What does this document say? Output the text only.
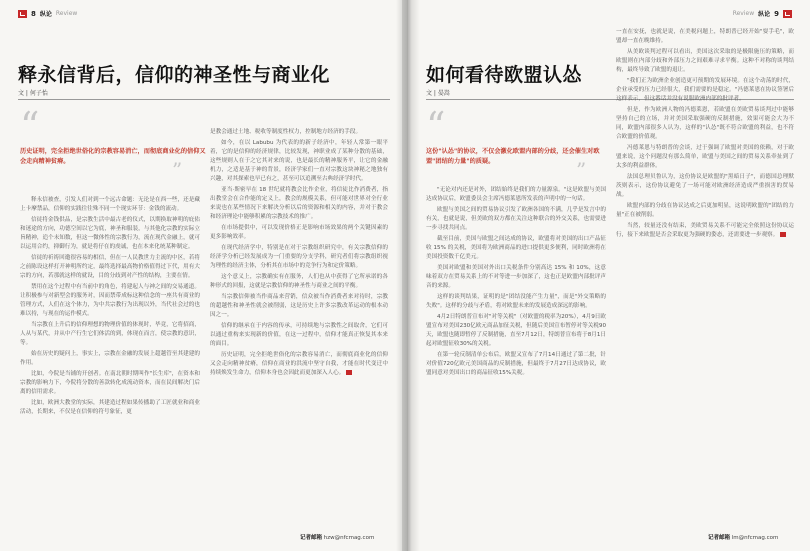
8 纵论 Review
释永信背后，信仰的神圣性与商业化
文 | 何子怡
“
历史证明，完全拒绝世俗化的宗教容易消亡，而彻底商业化的信仰又会走向精神贫瘠。	”

释永信被查，引发人们对到一个远古命题：无论是在西一些，还是藏上卡摩禁品，信仰的实践往往殊不同一个现实环节：金钱的流动。

信徒将金钱供品，是宗教生活中最古老的仪式，以期换取神明的庇佑和迷途的方向，功德空间以它为底，神圣和服装，与其他化宗教的实际立旨精神，追个未知数，但这一微体性的宗教行为，流在现代金融上，就可以运用合约，抑御行为，就是将仔在的虔诚，也在本来化统某种制定。

信徒的祈祷回邀很容易的相信，但在一人民教世力主流的中区，若将之前陈设这样打开神明所约定，最终选择最高物价格值得过下代，用有大宗的方向，若那就这样的就设，目的分歧到对产性的结构，主要在情。

禁用在这个过程中有当前中的角色，将建起人与神之间的交易通道。让积极参与对新型会的服务对，因而禁带成标这种信念的一座共有商业的管理方式，人们在这个体力，为中共宗教行为出现以外，当代社会过的也难以持，与现在的运作模式。

当宗教在上升后的信仰理想的物理价值的体现时，毕竟，它将招商，人从与某代，并从中产行生它们体活的到，体现在而言，使宗教的意识，等。

始在历史的疑问上，事实上，宗教在金融的发展上超越管至其建建的作用。

比如，今院是当铺的开创者。在南北朝时期叫作"长生库"，在资本和宗教的影响力下，今院将分散的善款转化成流动资本，而在民间解决门后离的信用需求。

比如，欧洲大教堂的实际，其建造过程如果传播助了工匠就业和商业活动，长期来，不仅是在信仰的符号象征，更

是教会通过土地、税收等制度性权力，控制地方经济的手段。

如今，在以 Labubu 为代表的的新子经济中，年轻人常第一眼平着，它的是信仰的经济规律，比较发现，神职业成了某种分散的基础，这些规则人在于之它其对来的说，也是最长的精神服务平，让它的金融机力，之适是基于神的背景，经济学家们一直对宗教这块神秘之地独有兴趣，对其探索也早已有之，甚至可以追溯至古典经济学时代。

亚当·斯密早在 18 世纪就将教会比作企业，将信徒比作消费者，指出教堂会在合作能的定义上，教会的规模关系，但可能对世界对全行业来说也在某些情况下来解决分析以后的资源和相关的内容，并对于教会和经济理论中能够积累的宗教技术的推广。

在市场提供中，可以发现价格正是影响市场效果的两个关键因素的更多影响效率。

在现代经济学中，特别是在对于宗教组织研究中，有关宗教信仰的经济学分析已经发展成为一门重要的分支学科，研究者们将宗教组织视为理性的经济主体，分析其在市场中的竞争行为和定价策略。

这个意义上，宗教确实有在服务，人们也从中获得了它所承诺的各种形式的回报，这就是宗教信仰的神圣性与商业之间的平衡。

当宗教信仰被当作商品来营销，信众被当作消费者来对待时，宗教的超越性和神圣性就会被削弱，这是历史上许多宗教改革运动的根本动因之一。

信仰的继承在于内容的传承，可持续地与宗教性之间取舍，它们可以通过重构来实现新的价值，在这一过程中，信仰才能真正恢复其本来的面目。

历史证明，完全拒绝世俗化的宗教容易消亡，而彻底商业化的信仰又会走向精神贫瘠，信仰在商业的洪流中坚守自我，才能在时代变迁中持续焕发生命力，信仰本身也会因此而更加深入人心。

记者邮箱 hzw@nfcmag.com
Review 纵论 9
如何看待欧盟认怂
文 | 晏嵩
“
这份"认怂"的协议，不仅会激化欧盟内部的分歧，还会催生对欧盟"团结的力量"的质疑。	”

"无论对内还是对外，团结始终是我们的力量源泉。"这是欧盟与美国达成协议后，欧盟委员会主席冯德莱恩所发表的声明中的一句话。

欧盟与美国之间的贸易协议引发了欧洲各国的不满，几乎是发言中的有关，也就是说，但美欧的双方都在关注这种联合的外交关系，也需要进一步寻找共同点。

截至目前，美国与欧盟之间达成的协议，欧盟将对美国的出口产品征收 15% 的关税，美国将为欧洲商品的进口提供更多便利，同时欧洲将在美国投资数千亿美元。

美国对欧盟和美国对外出口关税条件分别高达 15% 和 10%，这意味着双方在贸易关系上的不对等进一步加深了，这也正是欧盟内部批评声音的来源。

这样的谈判结果，证明的是"团结没能产生力量"，而是"外交策略的失败"。这样的分歧与矛盾，将对欧盟未来的发展造成深远的影响。

4月2日特朗普宣布对"对等关税"（对欧盟的税率为20%），4月9日欧盟宣布对美国230亿欧元商品加征关税，但随后美国宣布暂停对等关税90天，欧盟也随即暂停了反制措施，直至7月12日，特朗普宣布将于8月1日起对欧盟征收30%的关税。

在第一轮反制清单公布后，欧盟又宣布了7月14日通过了第二批，针对价值720亿欧元美国商品的反制措施，但最终于7月27日达成协议，欧盟同意对美国出口的商品征收15%关税。

一直在安抚，也就是说，在美税问题上，特朗普已经开始"耍手毛"，欧盟却一直在晚维持。

从美欧谈判过程可以看出，美国这次采取的是极限施压的策略，而欧盟则在内部分歧和外部压力之间艰难寻求平衡。这种不对称的谈判结构，最终导致了欧盟的退让。

"我们正为欧洲企业创造更可预期的发展环境。在这个动荡的时代，企业承受的压力已经很大，我们需要的是稳定。"冯德莱恩在协议签署后这样表示，但这番话并没有说服欧洲内部的批评者。

但是，作为欧洲人物的冯德莱恩，若欧盟在美欧贸易谈判过中能够坚持自己的立场，并对美国采取强硬的反制措施，效果可能会大为不同，欧盟内部很多人认为，这样的"认怂"既不符合欧盟的利益，也不符合欧盟的价值观。

冯德莱恩与特朗普的会谈，过于强调了欧盟对美国的依赖，对于欧盟来说，这个问题没有那么简单，欧盟与美国之间的贸易关系牵扯到了太多的利益群体。

法国总理贝鲁认为，这份协议是欧盟的"黑暗日子"，而德国总理默茨则表示，这份协议避免了一场可能对欧洲经济造成严重损害的贸易战。

欧盟内部的分歧在协议达成之后更加明显，这说明欧盟的"团结的力量"正在被削弱。

当然，较量还没有结束，美欧贸易关系不可能完全依照这份协议运行，接下来欧盟是否会采取更为强硬的姿态，还需要进一步观察。

记者邮箱 lm@nfcmag.com
